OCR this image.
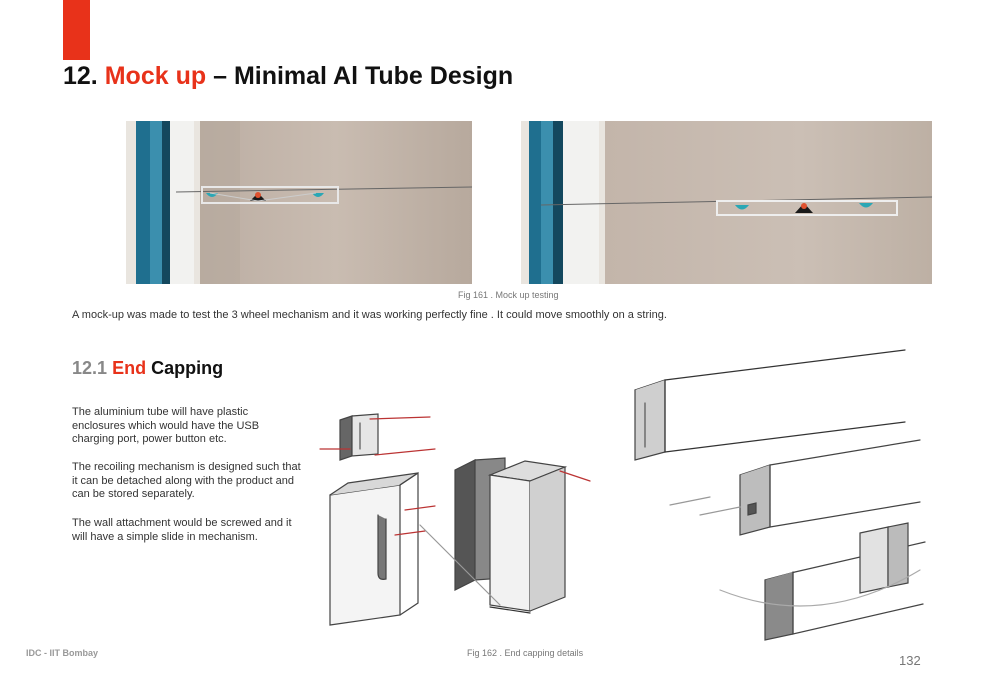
12. Mock up – Minimal Al Tube Design
Fig 161 . Mock up testing
A mock-up was made to test the 3 wheel mechanism and it was working perfectly fine . It could move smoothly on a string.
12.1 End Capping

The aluminium tube will have plastic enclosures which would have the USB charging port, power button etc.

The recoiling mechanism is designed such that it can be detached along with the product and can be stored separately.

The wall attachment would be screwed and it will have a simple slide in mechanism.

Fig 162 . End capping details
IDC - IIT Bombay	132
